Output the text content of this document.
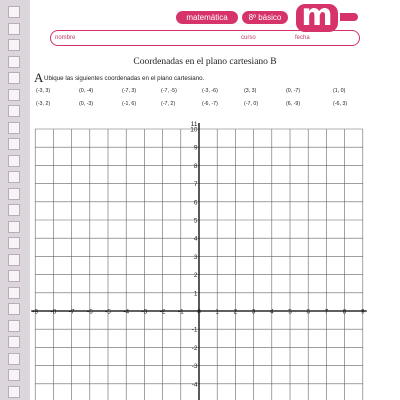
matemática	8º básico m
nombre	curso	fecha
Coordenadas en el plano cartesiano B
A Ubique las siguientes coordenadas en el plano cartesiano.
(-3, 3)	(0, -4)	(-7, 3)	(-7, -5)	(-3, -6)	(3, 3)	(0, -7)	(1, 0)
(-3, 2)	(0, -3)	(-1, 6)	(-7, 2)	(-6, -7)	(-7, 0)	(6, -9)	(-6, 3)
-9 -8 -7 -6 -5 -4 -3 -2 -1 0 1 2 3 4 5 6 7 8 9
11
10
9
8
7
6
5
4
3
2
1
-1
-2
-3
-4
